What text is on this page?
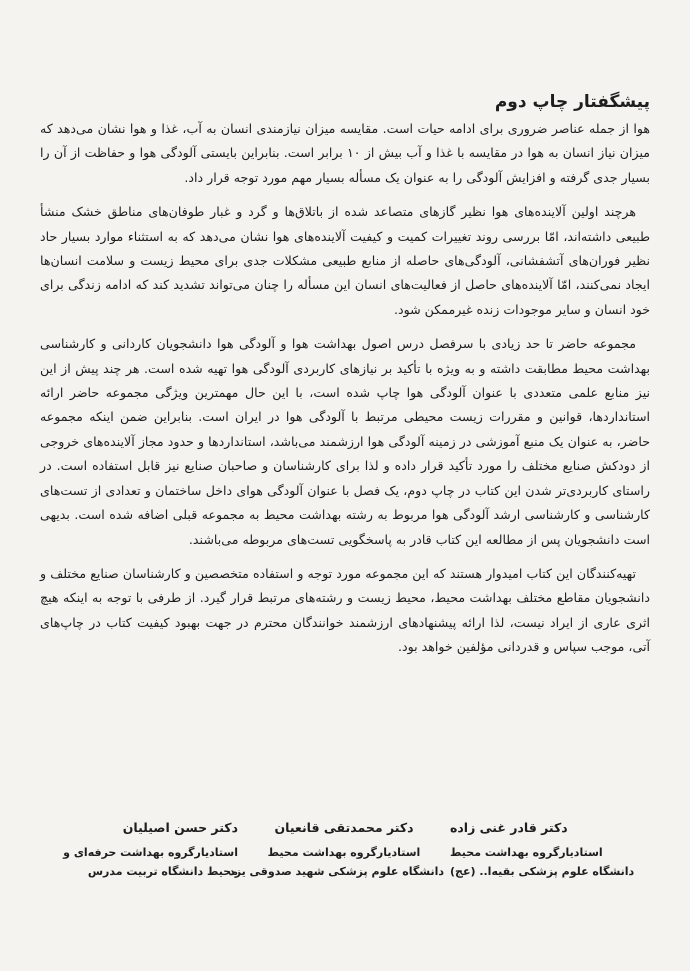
پیشگفتار چاپ دوم

هوا از جمله عناصر ضروری برای ادامه حیات است. مقایسه میزان نیازمندی انسان به آب، غذا و هوا نشان می‌دهد که میزان نیاز انسان به هوا در مقایسه با غذا و آب بیش از ۱۰ برابر است. بنابراین بایستی آلودگی هوا و حفاظت از آن را بسیار جدی گرفته و افزایش آلودگی را به عنوان یک مسأله بسیار مهم مورد توجه قرار داد.

هرچند اولین آلاینده‌های هوا نظیر گازهای متصاعد شده از باتلاق‌ها و گرد و غبار طوفان‌های مناطق خشک منشأ طبیعی داشته‌اند، امّا بررسی روند تغییرات کمیت و کیفیت آلاینده‌های هوا نشان می‌دهد که به استثناء موارد بسیار حاد نظیر فوران‌های آتشفشانی، آلودگی‌های حاصله از منابع طبیعی مشکلات جدی برای محیط زیست و سلامت انسان‌ها ایجاد نمی‌کنند، امّا آلاینده‌های حاصل از فعالیت‌های انسان این مسأله را چنان می‌تواند تشدید کند که ادامه زندگی برای خود انسان و سایر موجودات زنده غیرممکن شود.

مجموعه حاضر تا حد زیادی با سرفصل درس اصول بهداشت هوا و آلودگی هوا دانشجویان کاردانی و کارشناسی بهداشت محیط مطابقت داشته و به ویژه با تأکید بر نیازهای کاربردی آلودگی هوا تهیه شده است. هر چند پیش از این نیز منابع علمی متعددی با عنوان آلودگی هوا چاپ شده است، با این حال مهمترین ویژگی مجموعه حاضر ارائه استانداردها، قوانین و مقررات زیست محیطی مرتبط با آلودگی هوا در ایران است. بنابراین ضمن اینکه مجموعه حاضر، به عنوان یک منبع آموزشی در زمینه آلودگی هوا ارزشمند می‌باشد، استانداردها و حدود مجاز آلاینده‌های خروجی از دودکش صنایع مختلف را مورد تأکید قرار داده و لذا برای کارشناسان و صاحبان صنایع نیز قابل استفاده است. در راستای کاربردی‌تر شدن این کتاب در چاپ دوم، یک فصل با عنوان آلودگی هوای داخل ساختمان و تعدادی از تست‌های کارشناسی و کارشناسی ارشد آلودگی هوا مربوط به رشته بهداشت محیط به مجموعه قبلی اضافه شده است. بدیهی است دانشجویان پس از مطالعه این کتاب قادر به پاسخگویی تست‌های مربوطه می‌باشند.

تهیه‌کنندگان این کتاب امیدوار هستند که این مجموعه مورد توجه و استفاده متخصصین و کارشناسان صنایع مختلف و دانشجویان مقاطع مختلف بهداشت محیط، محیط زیست و رشته‌های مرتبط قرار گیرد. از طرفی با توجه به اینکه هیچ اثری عاری از ایراد نیست، لذا ارائه پیشنهادهای ارزشمند خوانندگان محترم در جهت بهبود کیفیت کتاب در چاپ‌های آتی، موجب سپاس و قدردانی مؤلفین خواهد بود.

دکتر حسن اصیلیان
استادیارگروه بهداشت حرفه‌ای و
محیط دانشگاه تربیت مدرس
دکتر محمدتقی قانعیان
استادیارگروه بهداشت محیط
دانشگاه علوم پزشکی شهید صدوقی یزد
دکتر قادر غنی زاده
استادیارگروه بهداشت محیط
دانشگاه علوم پزشکی بقیه‌ا.. (عج)
